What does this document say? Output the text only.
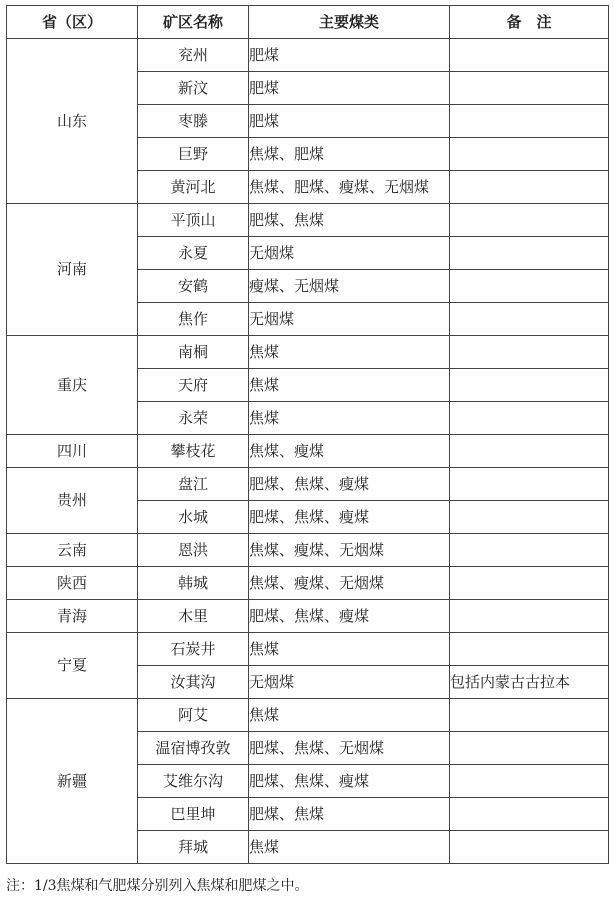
省（区）	矿区名称	主要煤类	备　注
山东	兖州	肥煤	
	新汶	肥煤	
	枣滕	肥煤	
	巨野	焦煤、肥煤	
	黄河北	焦煤、肥煤、瘦煤、无烟煤	
河南	平顶山	肥煤、焦煤	
	永夏	无烟煤	
	安鹤	瘦煤、无烟煤	
	焦作	无烟煤	
重庆	南桐	焦煤	
	天府	焦煤	
	永荣	焦煤	
四川	攀枝花	焦煤、瘦煤	
贵州	盘江	肥煤、焦煤、瘦煤	
	水城	肥煤、焦煤、瘦煤	
云南	恩洪	焦煤、瘦煤、无烟煤	
陕西	韩城	焦煤、瘦煤、无烟煤	
青海	木里	肥煤、焦煤、瘦煤	
宁夏	石炭井	焦煤	
	汝萁沟	无烟煤	包括内蒙古古拉本
新疆	阿艾	焦煤	
	温宿博孜敦	肥煤、焦煤、无烟煤	
	艾维尔沟	肥煤、焦煤、瘦煤	
	巴里坤	肥煤、焦煤	
	拜城	焦煤	
注：1/3焦煤和气肥煤分别列入焦煤和肥煤之中。
